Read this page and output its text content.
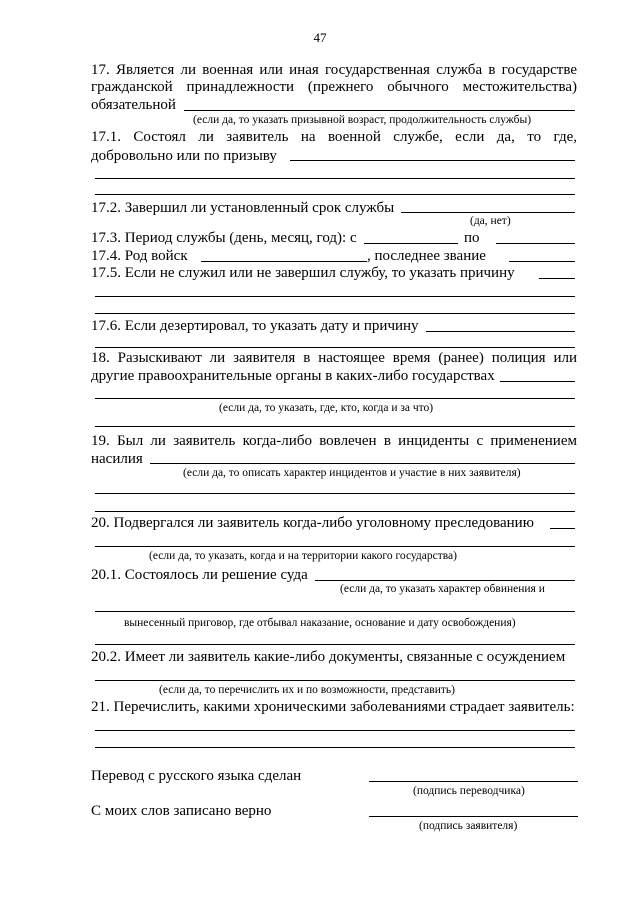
47
17. Является ли военная или иная государственная служба в государстве
гражданской принадлежности (прежнего обычного местожительства)
обязательной
(если да, то указать призывной возраст, продолжительность службы)
17.1. Состоял ли заявитель на военной службе, если да, то где,
добровольно или по призыву
17.2. Завершил ли установленный срок службы
(да, нет)
17.3. Период службы (день, месяц, год): с	по
17.4. Род войск	, последнее звание
17.5. Если не служил или не завершил службу, то указать причину
17.6. Если дезертировал, то указать дату и причину
18. Разыскивают ли заявителя в настоящее время (ранее) полиция или
другие правоохранительные органы в каких-либо государствах
(если да, то указать, где, кто, когда и за что)
19. Был ли заявитель когда-либо вовлечен в инциденты с применением
насилия
(если да, то описать характер инцидентов и участие в них заявителя)
20. Подвергался ли заявитель когда-либо уголовному преследованию
(если да, то указать, когда и на территории какого государства)
20.1. Состоялось ли решение суда
(если да, то указать характер обвинения и
вынесенный приговор, где отбывал наказание, основание и дату освобождения)
20.2. Имеет ли заявитель какие-либо документы, связанные с осуждением
(если да, то перечислить их и по возможности, представить)
21. Перечислить, какими хроническими заболеваниями страдает заявитель:
Перевод с русского языка сделан
(подпись переводчика)
С моих слов записано верно
(подпись заявителя)
